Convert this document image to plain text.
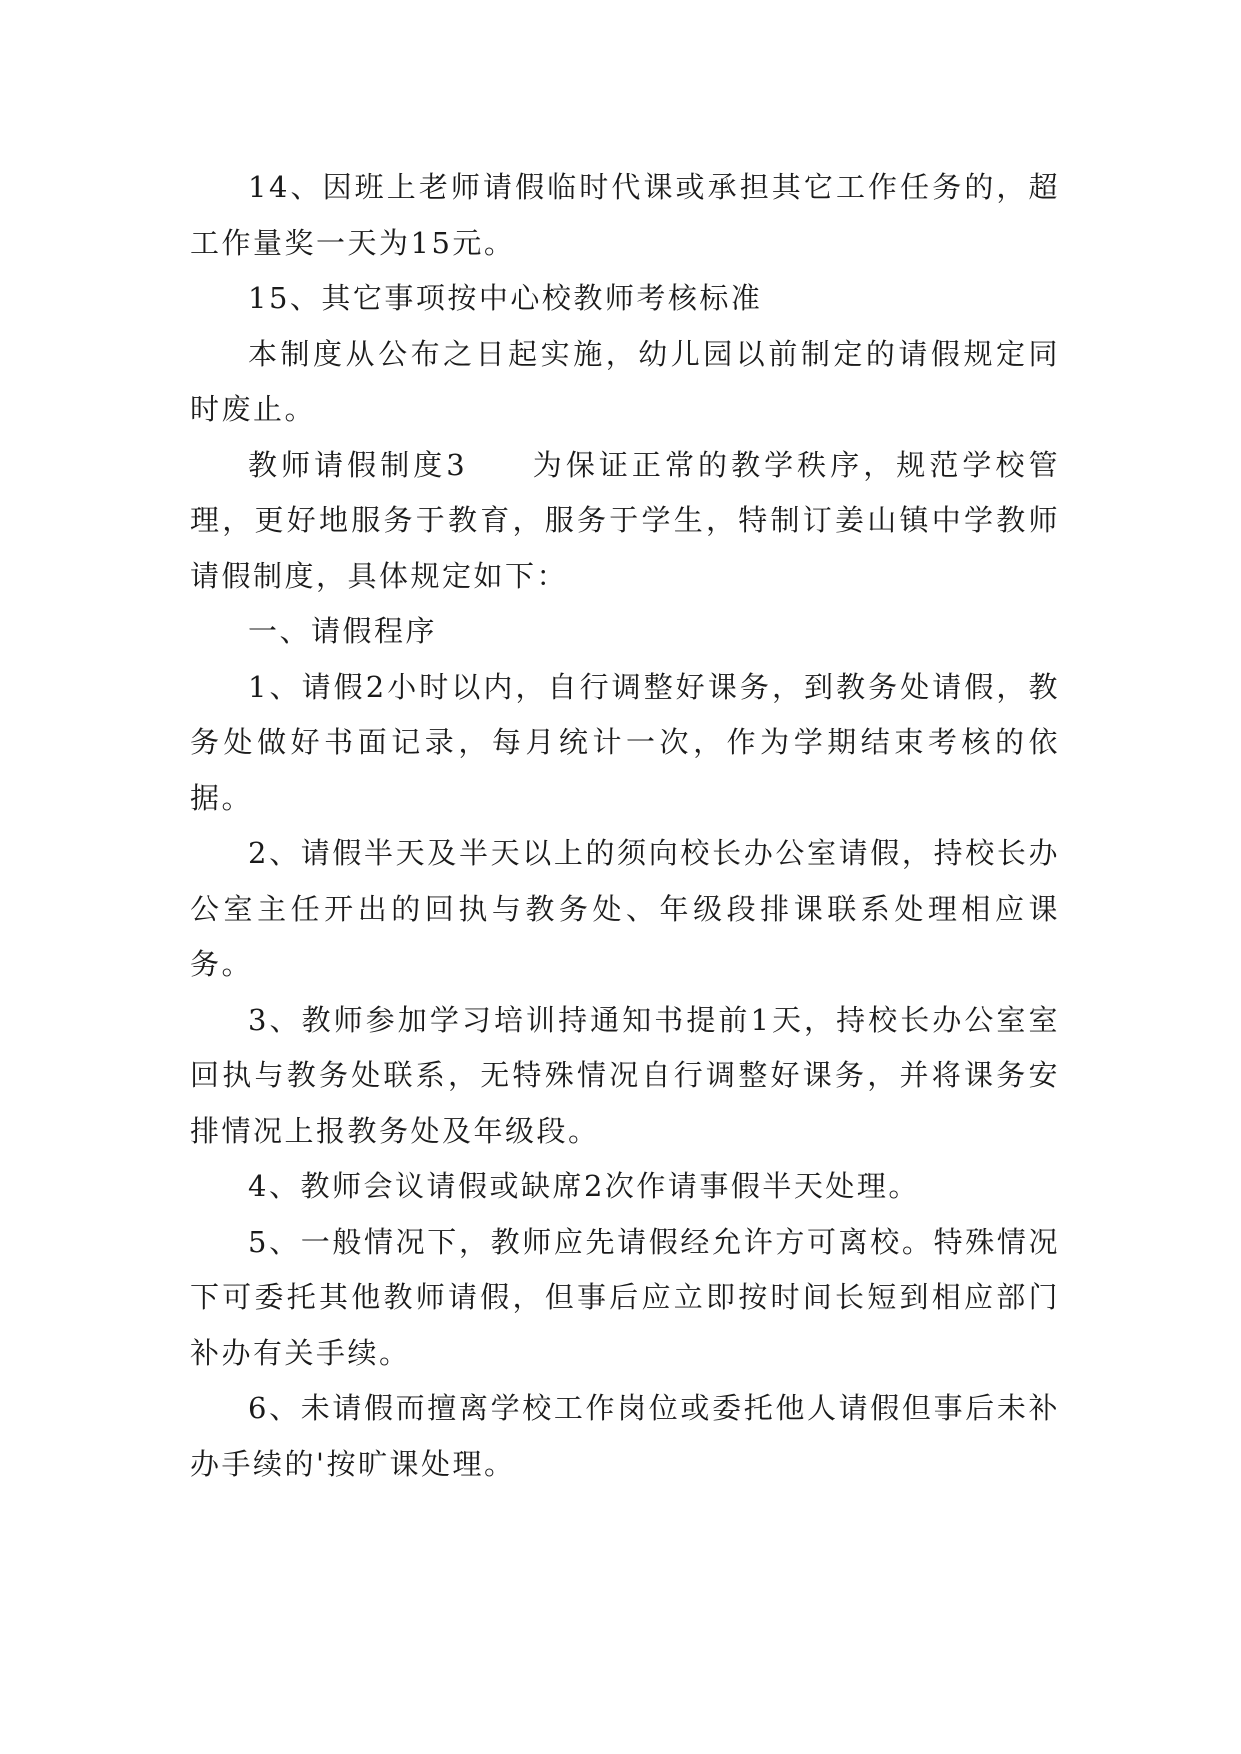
14、因班上老师请假临时代课或承担其它工作任务的，超工作量奖一天为15元。

15、其它事项按中心校教师考核标准

本制度从公布之日起实施，幼儿园以前制定的请假规定同时废止。

教师请假制度3 为保证正常的教学秩序，规范学校管理，更好地服务于教育，服务于学生，特制订姜山镇中学教师请假制度，具体规定如下：

一、请假程序

1、请假2小时以内，自行调整好课务，到教务处请假，教务处做好书面记录，每月统计一次，作为学期结束考核的依据。

2、请假半天及半天以上的须向校长办公室请假，持校长办公室主任开出的回执与教务处、年级段排课联系处理相应课务。

3、教师参加学习培训持通知书提前1天，持校长办公室室回执与教务处联系，无特殊情况自行调整好课务，并将课务安排情况上报教务处及年级段。

4、教师会议请假或缺席2次作请事假半天处理。

5、一般情况下，教师应先请假经允许方可离校。特殊情况下可委托其他教师请假，但事后应立即按时间长短到相应部门补办有关手续。

6、未请假而擅离学校工作岗位或委托他人请假但事后未补办手续的'按旷课处理。
